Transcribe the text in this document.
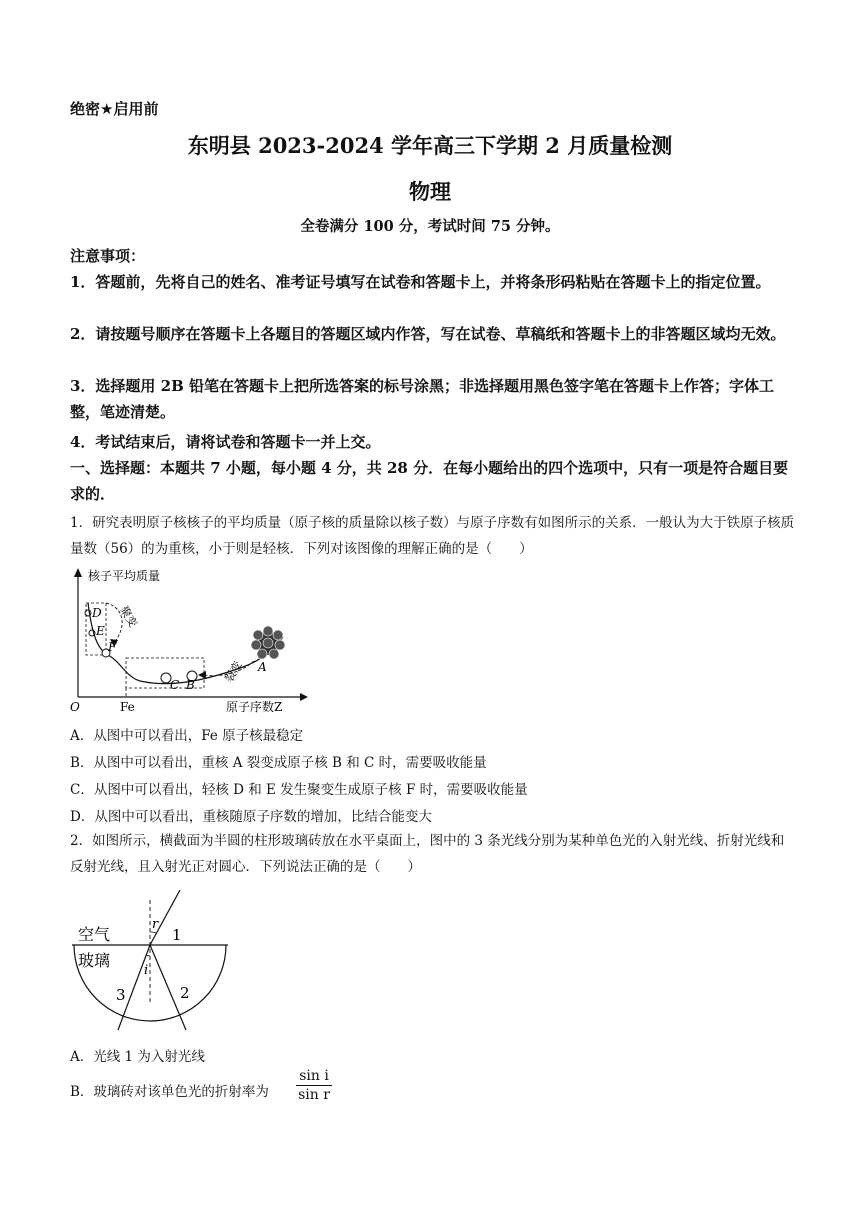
绝密★启用前
东明县 2023-2024 学年高三下学期 2 月质量检测
物理
全卷满分 100 分，考试时间 75 分钟。
注意事项：
1．答题前，先将自己的姓名、准考证号填写在试卷和答题卡上，并将条形码粘贴在答题卡上的指定位置。
2．请按题号顺序在答题卡上各题目的答题区域内作答，写在试卷、草稿纸和答题卡上的非答题区域均无效。
3．选择题用 2B 铅笔在答题卡上把所选答案的标号涂黑；非选择题用黑色签字笔在答题卡上作答；字体工整，笔迹清楚。
4．考试结束后，请将试卷和答题卡一并上交。
一、选择题：本题共 7 小题，每小题 4 分，共 28 分．在每小题给出的四个选项中，只有一项是符合题目要求的．
1．研究表明原子核核子的平均质量（原子核的质量除以核子数）与原子序数有如图所示的关系．一般认为大于铁原子核质量数（56）的为重核，小于则是轻核．下列对该图像的理解正确的是（　　）
核子平均质量
原子序数Z
O	Fe
聚变
裂变
D
E
F
C B
A
A．从图中可以看出，Fe 原子核最稳定
B．从图中可以看出，重核 A 裂变成原子核 B 和 C 时，需要吸收能量
C．从图中可以看出，轻核 D 和 E 发生聚变生成原子核 F 时，需要吸收能量
D．从图中可以看出，重核随原子序数的增加，比结合能变大
2．如图所示，横截面为半圆的柱形玻璃砖放在水平桌面上，图中的 3 条光线分别为某种单色光的入射光线、折射光线和反射光线，且入射光正对圆心．下列说法正确的是（　　）
空气
玻璃
r
i
1
2
3
A．光线 1 为入射光线
B．玻璃砖对该单色光的折射率为 $\frac{\text{sin i}}{\text{sin r}}$
